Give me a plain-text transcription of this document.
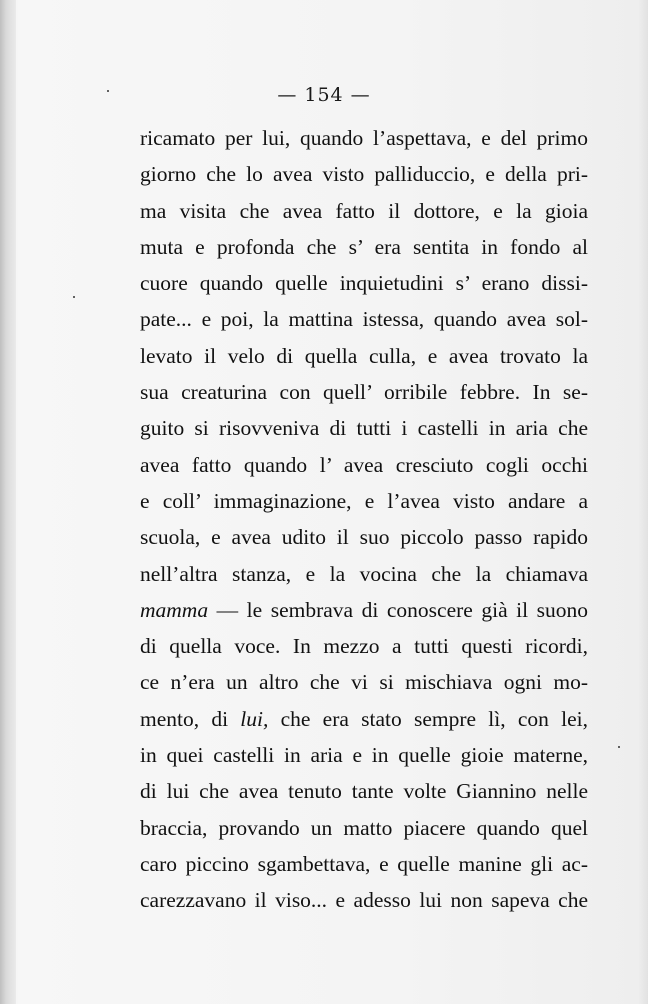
— 154 —
ricamato per lui, quando l’aspettava, e del primo
giorno che lo avea visto palliduccio, e della pri-
ma visita che avea fatto il dottore, e la gioia
muta e profonda che s’ era sentita in fondo al
cuore quando quelle inquietudini s’ erano dissi-
pate... e poi, la mattina istessa, quando avea sol-
levato il velo di quella culla, e avea trovato la
sua creaturina con quell’ orribile febbre. In se-
guito si risovveniva di tutti i castelli in aria che
avea fatto quando l’ avea cresciuto cogli occhi
e coll’ immaginazione, e l’avea visto andare a
scuola, e avea udito il suo piccolo passo rapido
nell’altra stanza, e la vocina che la chiamava
mamma — le sembrava di conoscere già il suono
di quella voce. In mezzo a tutti questi ricordi,
ce n’era un altro che vi si mischiava ogni mo-
mento, di lui, che era stato sempre lì, con lei,
in quei castelli in aria e in quelle gioie materne,
di lui che avea tenuto tante volte Giannino nelle
braccia, provando un matto piacere quando quel
caro piccino sgambettava, e quelle manine gli ac-
carezzavano il viso... e adesso lui non sapeva che
